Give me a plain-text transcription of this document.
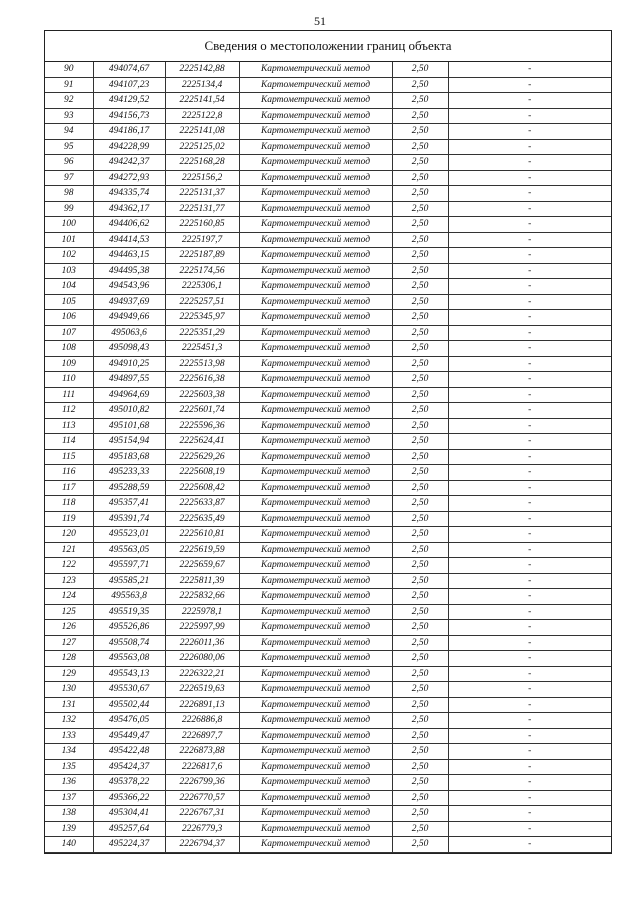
51
Сведения о местоположении границ объекта
90	494074,67	2225142,88	Картометрический метод	2,50	-
91	494107,23	2225134,4	Картометрический метод	2,50	-
92	494129,52	2225141,54	Картометрический метод	2,50	-
93	494156,73	2225122,8	Картометрический метод	2,50	-
94	494186,17	2225141,08	Картометрический метод	2,50	-
95	494228,99	2225125,02	Картометрический метод	2,50	-
96	494242,37	2225168,28	Картометрический метод	2,50	-
97	494272,93	2225156,2	Картометрический метод	2,50	-
98	494335,74	2225131,37	Картометрический метод	2,50	-
99	494362,17	2225131,77	Картометрический метод	2,50	-
100	494406,62	2225160,85	Картометрический метод	2,50	-
101	494414,53	2225197,7	Картометрический метод	2,50	-
102	494463,15	2225187,89	Картометрический метод	2,50	-
103	494495,38	2225174,56	Картометрический метод	2,50	-
104	494543,96	2225306,1	Картометрический метод	2,50	-
105	494937,69	2225257,51	Картометрический метод	2,50	-
106	494949,66	2225345,97	Картометрический метод	2,50	-
107	495063,6	2225351,29	Картометрический метод	2,50	-
108	495098,43	2225451,3	Картометрический метод	2,50	-
109	494910,25	2225513,98	Картометрический метод	2,50	-
110	494897,55	2225616,38	Картометрический метод	2,50	-
111	494964,69	2225603,38	Картометрический метод	2,50	-
112	495010,82	2225601,74	Картометрический метод	2,50	-
113	495101,68	2225596,36	Картометрический метод	2,50	-
114	495154,94	2225624,41	Картометрический метод	2,50	-
115	495183,68	2225629,26	Картометрический метод	2,50	-
116	495233,33	2225608,19	Картометрический метод	2,50	-
117	495288,59	2225608,42	Картометрический метод	2,50	-
118	495357,41	2225633,87	Картометрический метод	2,50	-
119	495391,74	2225635,49	Картометрический метод	2,50	-
120	495523,01	2225610,81	Картометрический метод	2,50	-
121	495563,05	2225619,59	Картометрический метод	2,50	-
122	495597,71	2225659,67	Картометрический метод	2,50	-
123	495585,21	2225811,39	Картометрический метод	2,50	-
124	495563,8	2225832,66	Картометрический метод	2,50	-
125	495519,35	2225978,1	Картометрический метод	2,50	-
126	495526,86	2225997,99	Картометрический метод	2,50	-
127	495508,74	2226011,36	Картометрический метод	2,50	-
128	495563,08	2226080,06	Картометрический метод	2,50	-
129	495543,13	2226322,21	Картометрический метод	2,50	-
130	495530,67	2226519,63	Картометрический метод	2,50	-
131	495502,44	2226891,13	Картометрический метод	2,50	-
132	495476,05	2226886,8	Картометрический метод	2,50	-
133	495449,47	2226897,7	Картометрический метод	2,50	-
134	495422,48	2226873,88	Картометрический метод	2,50	-
135	495424,37	2226817,6	Картометрический метод	2,50	-
136	495378,22	2226799,36	Картометрический метод	2,50	-
137	495366,22	2226770,57	Картометрический метод	2,50	-
138	495304,41	2226767,31	Картометрический метод	2,50	-
139	495257,64	2226779,3	Картометрический метод	2,50	-
140	495224,37	2226794,37	Картометрический метод	2,50	-
